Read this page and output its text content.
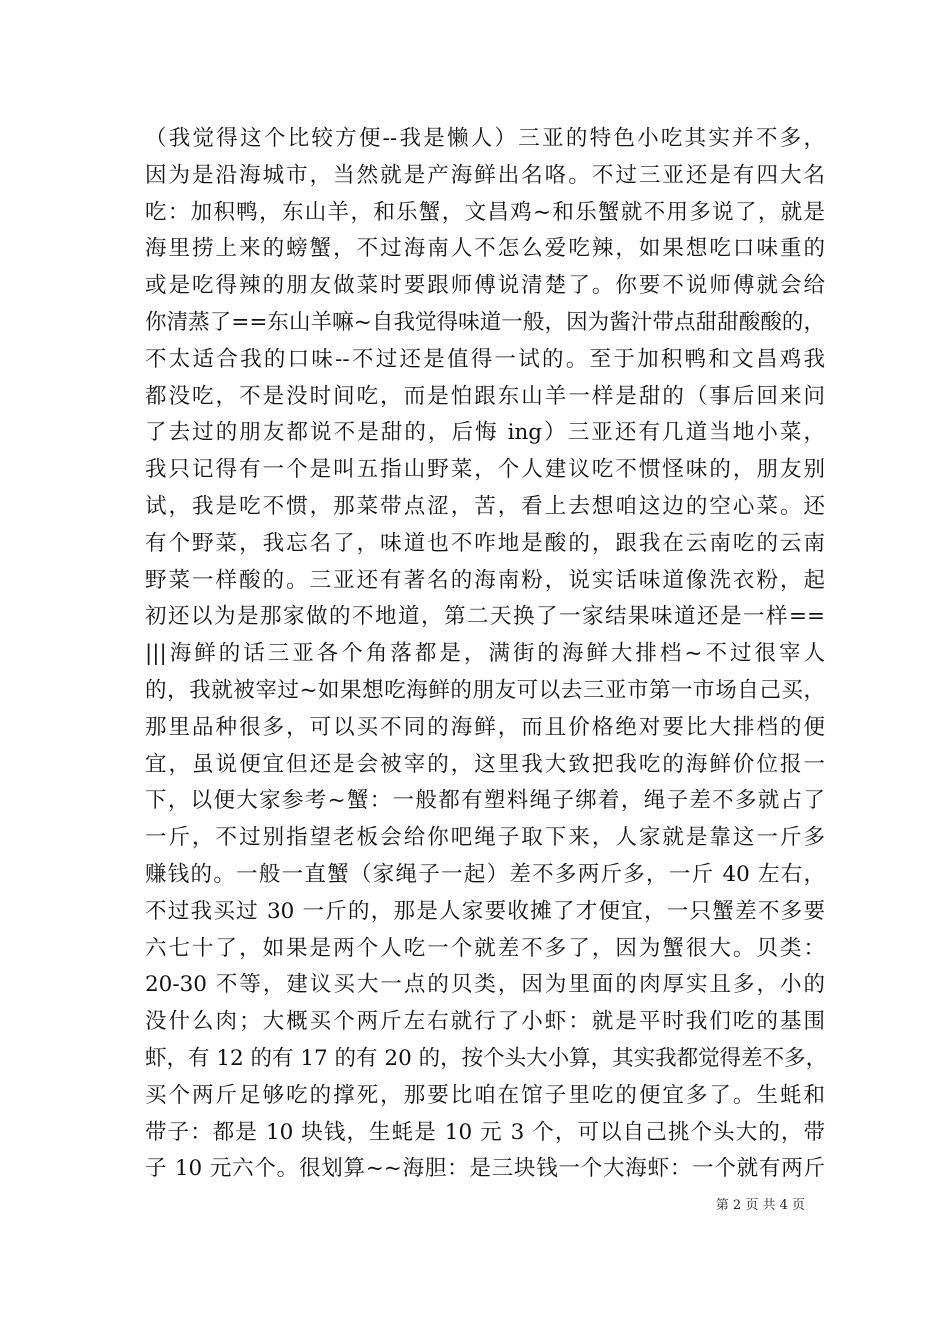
（我觉得这个比较方便--我是懒人）三亚的特色小吃其实并不多，
因为是沿海城市，当然就是产海鲜出名咯。不过三亚还是有四大名
吃：加积鸭，东山羊，和乐蟹，文昌鸡~和乐蟹就不用多说了，就是
海里捞上来的螃蟹，不过海南人不怎么爱吃辣，如果想吃口味重的
或是吃得辣的朋友做菜时要跟师傅说清楚了。你要不说师傅就会给
你清蒸了==东山羊嘛~自我觉得味道一般，因为酱汁带点甜甜酸酸的，
不太适合我的口味--不过还是值得一试的。至于加积鸭和文昌鸡我
都没吃，不是没时间吃，而是怕跟东山羊一样是甜的（事后回来问
了去过的朋友都说不是甜的，后悔 ing）三亚还有几道当地小菜，
我只记得有一个是叫五指山野菜，个人建议吃不惯怪味的，朋友别
试，我是吃不惯，那菜带点涩，苦，看上去想咱这边的空心菜。还
有个野菜，我忘名了，味道也不咋地是酸的，跟我在云南吃的云南
野菜一样酸的。三亚还有著名的海南粉，说实话味道像洗衣粉，起
初还以为是那家做的不地道，第二天换了一家结果味道还是一样==
|||海鲜的话三亚各个角落都是，满街的海鲜大排档~不过很宰人
的，我就被宰过~如果想吃海鲜的朋友可以去三亚市第一市场自己买，
那里品种很多，可以买不同的海鲜，而且价格绝对要比大排档的便
宜，虽说便宜但还是会被宰的，这里我大致把我吃的海鲜价位报一
下，以便大家参考~蟹：一般都有塑料绳子绑着，绳子差不多就占了
一斤，不过别指望老板会给你吧绳子取下来，人家就是靠这一斤多
赚钱的。一般一直蟹（家绳子一起）差不多两斤多，一斤 40 左右，
不过我买过 30 一斤的，那是人家要收摊了才便宜，一只蟹差不多要
六七十了，如果是两个人吃一个就差不多了，因为蟹很大。贝类：
20-30 不等，建议买大一点的贝类，因为里面的肉厚实且多，小的
没什么肉；大概买个两斤左右就行了小虾：就是平时我们吃的基围
虾，有 12 的有 17 的有 20 的，按个头大小算，其实我都觉得差不多，
买个两斤足够吃的撑死，那要比咱在馆子里吃的便宜多了。生蚝和
带子：都是 10 块钱，生蚝是 10 元 3 个，可以自己挑个头大的，带
子 10 元六个。很划算~~海胆：是三块钱一个大海虾：一个就有两斤
第 2 页 共 4 页
